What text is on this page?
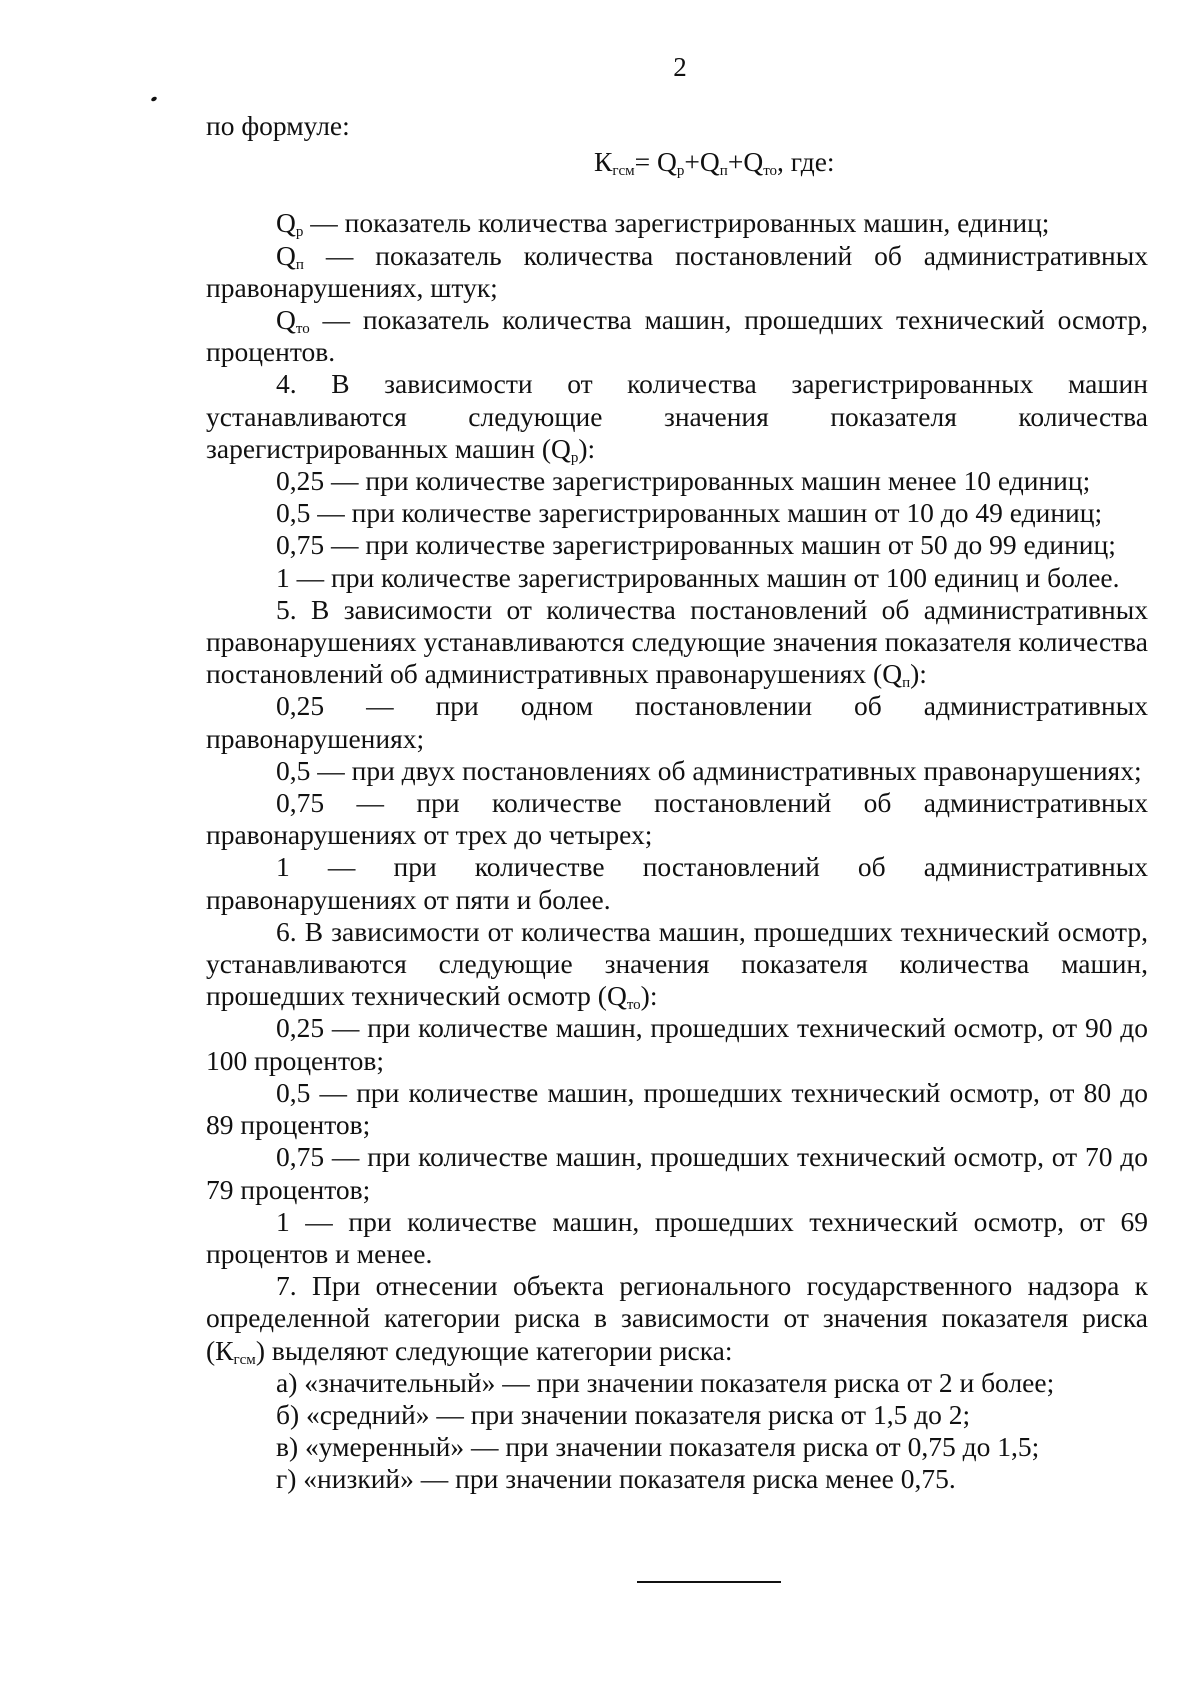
2

по формуле:

$К_{гсм}= Q_р+Q_п+Q_{то}$, где:

$Q_р$ — показатель количества зарегистрированных машин, единиц;

$Q_п$ — показатель количества постановлений об административных правонарушениях, штук;

$Q_{то}$ — показатель количества машин, прошедших технический осмотр, процентов.

4. В зависимости от количества зарегистрированных машин устанавливаются следующие значения показателя количества зарегистрированных машин $(Q_р)$:

0,25 — при количестве зарегистрированных машин менее 10 единиц;

0,5 — при количестве зарегистрированных машин от 10 до 49 единиц;

0,75 — при количестве зарегистрированных машин от 50 до 99 единиц;

1 — при количестве зарегистрированных машин от 100 единиц и более.

5. В зависимости от количества постановлений об административных правонарушениях устанавливаются следующие значения показателя количества постановлений об административных правонарушениях $(Q_п)$:

0,25 — при одном постановлении об административных правонарушениях;

0,5 — при двух постановлениях об административных правонарушениях;

0,75 — при количестве постановлений об административных правонарушениях от трех до четырех;

1 — при количестве постановлений об административных правонарушениях от пяти и более.

6. В зависимости от количества машин, прошедших технический осмотр, устанавливаются следующие значения показателя количества машин, прошедших технический осмотр $(Q_{то})$:

0,25 — при количестве машин, прошедших технический осмотр, от 90 до 100 процентов;

0,5 — при количестве машин, прошедших технический осмотр, от 80 до 89 процентов;

0,75 — при количестве машин, прошедших технический осмотр, от 70 до 79 процентов;

1 — при количестве машин, прошедших технический осмотр, от 69 процентов и менее.

7. При отнесении объекта регионального государственного надзора к определенной категории риска в зависимости от значения показателя риска $(К_{гсм})$ выделяют следующие категории риска:

а) «значительный» — при значении показателя риска от 2 и более;

б) «средний» — при значении показателя риска от 1,5 до 2;

в) «умеренный» — при значении показателя риска от 0,75 до 1,5;

г) «низкий» — при значении показателя риска менее 0,75.
